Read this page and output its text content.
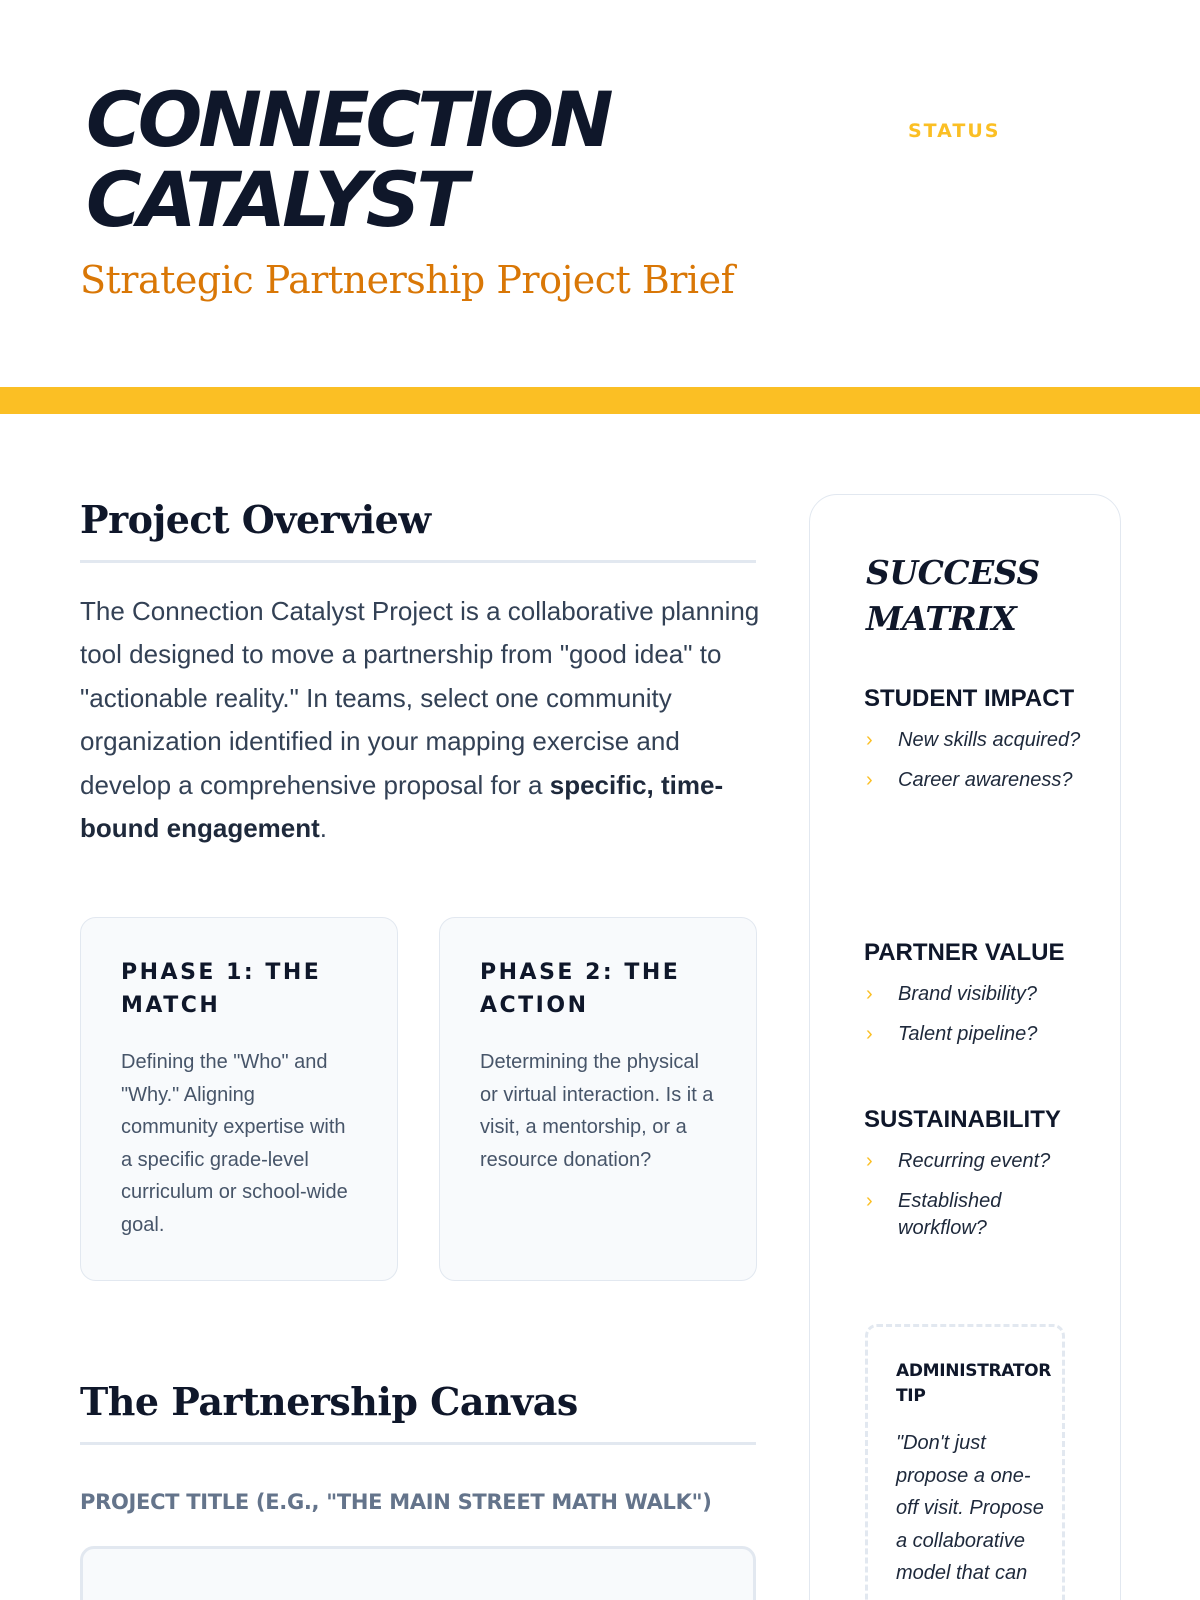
CONNECTION
CATALYST
Strategic Partnership Project Brief
STATUS
Project Overview

The Connection Catalyst Project is a collaborative planning tool designed to move a partnership from "good idea" to "actionable reality." In teams, select one community organization identified in your mapping exercise and develop a comprehensive proposal for a specific, time-bound engagement.

PHASE 1: THE MATCH
Defining the "Who" and "Why." Aligning community expertise with a specific grade-level curriculum or school-wide goal.
PHASE 2: THE ACTION
Determining the physical or virtual interaction. Is it a visit, a mentorship, or a resource donation?
The Partnership Canvas
PROJECT TITLE (E.G., "THE MAIN STREET MATH WALK")
SUCCESS MATRIX
STUDENT IMPACT
› New skills acquired?
› Career awareness?
PARTNER VALUE
› Brand visibility?
› Talent pipeline?
SUSTAINABILITY
› Recurring event?
› Established workflow?
ADMINISTRATOR TIP
"Don't just propose a one-off visit. Propose a collaborative model that can
